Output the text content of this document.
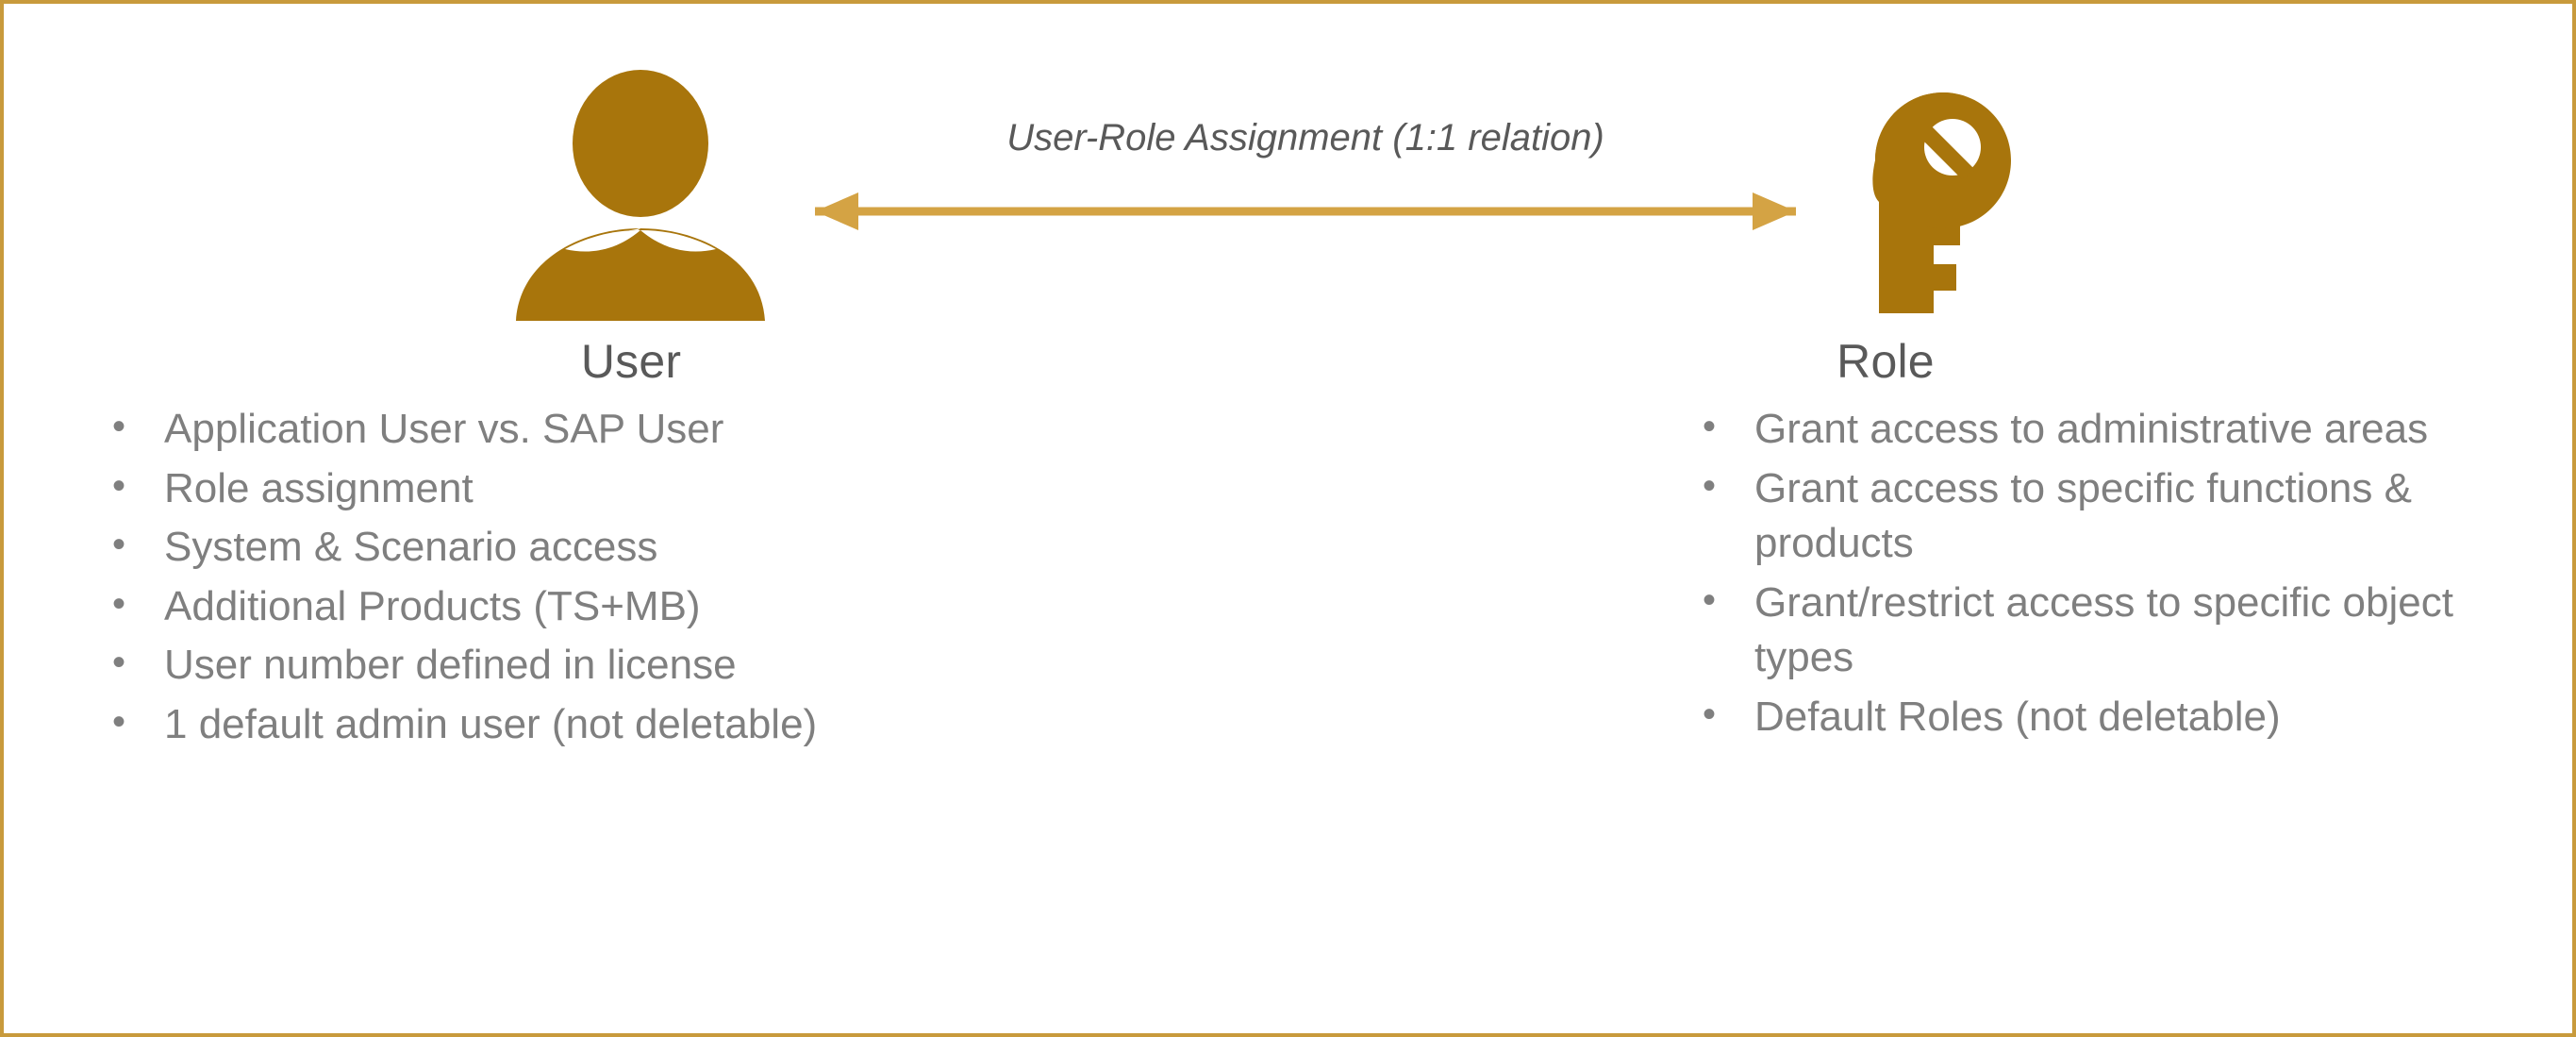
User
• Application User vs. SAP User
• Role assignment
• System & Scenario access
• Additional Products (TS+MB)
• User number defined in license
• 1 default admin user (not deletable)
Role
• Grant access to administrative areas
• Grant access to specific functions & products
• Grant/restrict access to specific object types
• Default Roles (not deletable)
User-Role Assignment (1:1 relation)
